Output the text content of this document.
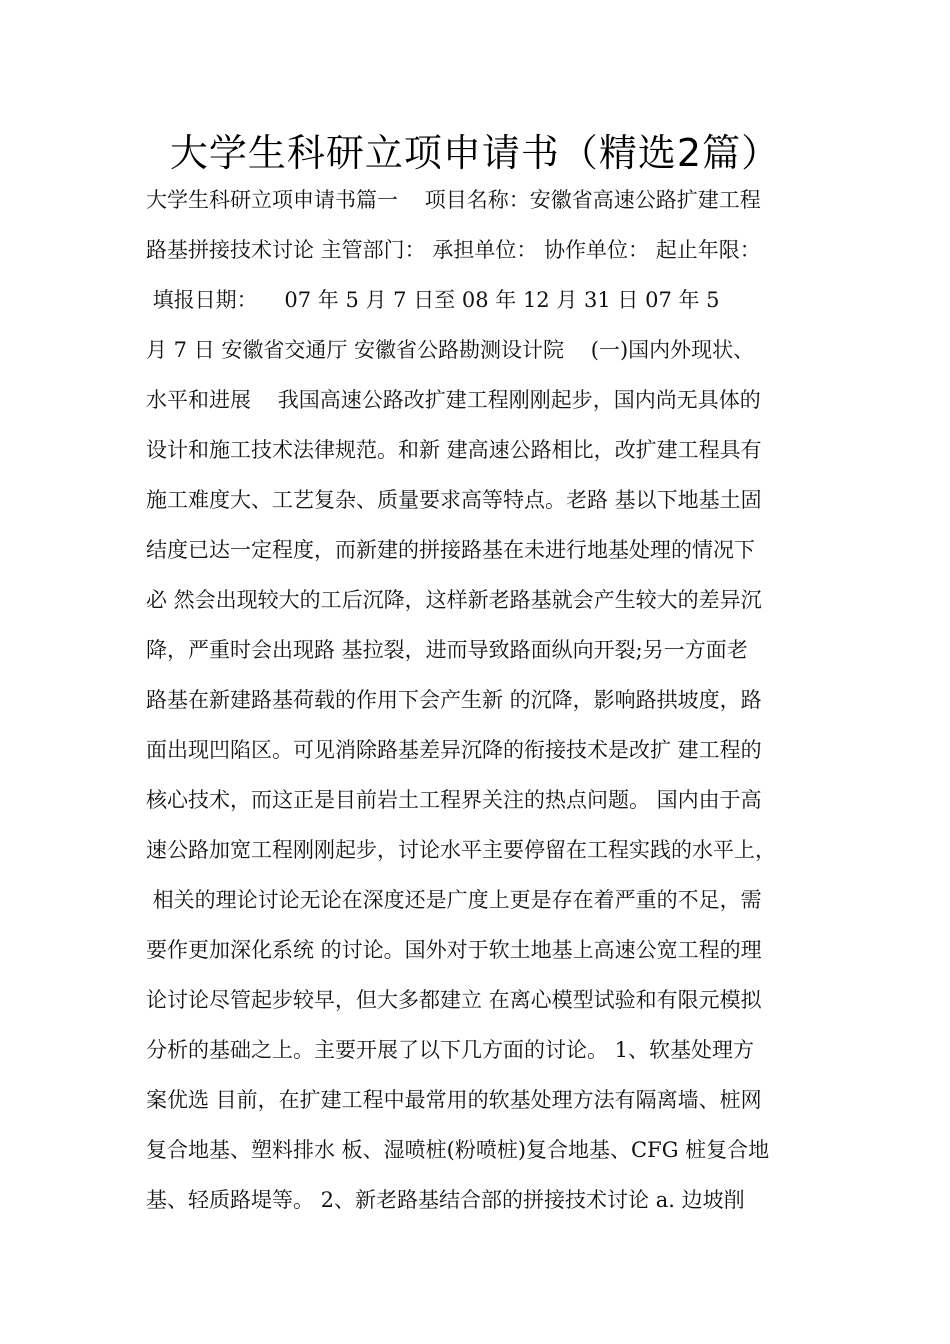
大学生科研立项申请书（精选2篇）
大学生科研立项申请书篇一    项目名称：安徽省高速公路扩建工程
路基拼接技术讨论 主管部门： 承担单位： 协作单位： 起止年限：
填报日期：    07 年 5 月 7 日至 08 年 12 月 31 日 07 年 5
月 7 日 安徽省交通厅 安徽省公路勘测设计院    (一)国内外现状、
水平和进展    我国高速公路改扩建工程刚刚起步，国内尚无具体的
设计和施工技术法律规范。和新 建高速公路相比，改扩建工程具有
施工难度大、工艺复杂、质量要求高等特点。老路 基以下地基土固
结度已达一定程度，而新建的拼接路基在未进行地基处理的情况下
必 然会出现较大的工后沉降，这样新老路基就会产生较大的差异沉
降，严重时会出现路 基拉裂，进而导致路面纵向开裂;另一方面老
路基在新建路基荷载的作用下会产生新 的沉降，影响路拱坡度，路
面出现凹陷区。可见消除路基差异沉降的衔接技术是改扩 建工程的
核心技术，而这正是目前岩土工程界关注的热点问题。 国内由于高
速公路加宽工程刚刚起步，讨论水平主要停留在工程实践的水平上，
相关的理论讨论无论在深度还是广度上更是存在着严重的不足，需
要作更加深化系统 的讨论。国外对于软土地基上高速公宽工程的理
论讨论尽管起步较早，但大多都建立 在离心模型试验和有限元模拟
分析的基础之上。主要开展了以下几方面的讨论。 1、软基处理方
案优选 目前，在扩建工程中最常用的软基处理方法有隔离墙、桩网
复合地基、塑料排水 板、湿喷桩(粉喷桩)复合地基、CFG 桩复合地
基、轻质路堤等。 2、新老路基结合部的拼接技术讨论 a. 边坡削
